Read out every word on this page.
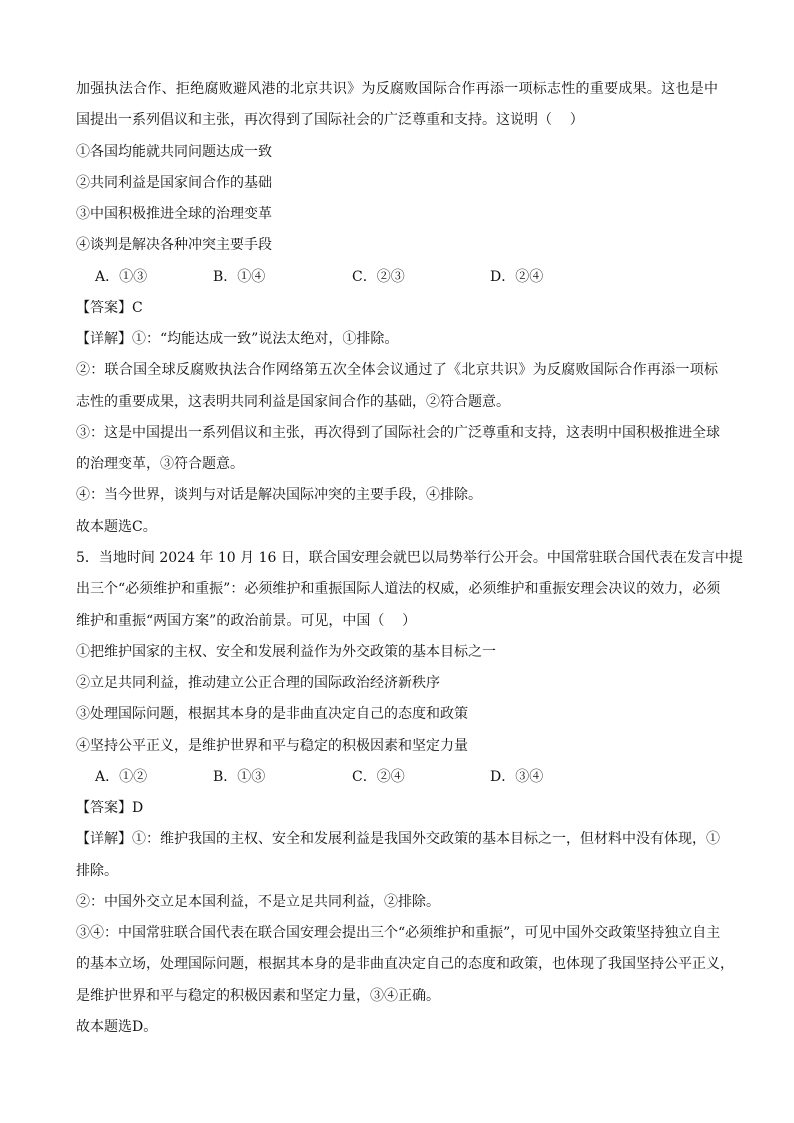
加强执法合作、拒绝腐败避风港的北京共识》为反腐败国际合作再添一项标志性的重要成果。这也是中
国提出一系列倡议和主张，再次得到了国际社会的广泛尊重和支持。这说明（    ）
①各国均能就共同问题达成一致
②共同利益是国家间合作的基础
③中国积极推进全球的治理变革
④谈判是解决各种冲突主要手段
A．①③	B．①④	C．②③	D．②④
【答案】C
【详解】①：“均能达成一致”说法太绝对，①排除。
②：联合国全球反腐败执法合作网络第五次全体会议通过了《北京共识》为反腐败国际合作再添一项标
志性的重要成果，这表明共同利益是国家间合作的基础，②符合题意。
③：这是中国提出一系列倡议和主张，再次得到了国际社会的广泛尊重和支持，这表明中国积极推进全球
的治理变革，③符合题意。
④：当今世界，谈判与对话是解决国际冲突的主要手段，④排除。
故本题选C。
5．当地时间 2024 年 10 月 16 日，联合国安理会就巴以局势举行公开会。中国常驻联合国代表在发言中提
出三个“必须维护和重振”：必须维护和重振国际人道法的权威，必须维护和重振安理会决议的效力，必须
维护和重振“两国方案”的政治前景。可见，中国（    ）
①把维护国家的主权、安全和发展利益作为外交政策的基本目标之一
②立足共同利益，推动建立公正合理的国际政治经济新秩序
③处理国际问题，根据其本身的是非曲直决定自己的态度和政策
④坚持公平正义，是维护世界和平与稳定的积极因素和坚定力量
A．①②	B．①③	C．②④	D．③④
【答案】D
【详解】①：维护我国的主权、安全和发展利益是我国外交政策的基本目标之一，但材料中没有体现，①
排除。
②：中国外交立足本国利益，不是立足共同利益，②排除。
③④：中国常驻联合国代表在联合国安理会提出三个“必须维护和重振”，可见中国外交政策坚持独立自主
的基本立场，处理国际问题，根据其本身的是非曲直决定自己的态度和政策，也体现了我国坚持公平正义，
是维护世界和平与稳定的积极因素和坚定力量，③④正确。
故本题选D。
